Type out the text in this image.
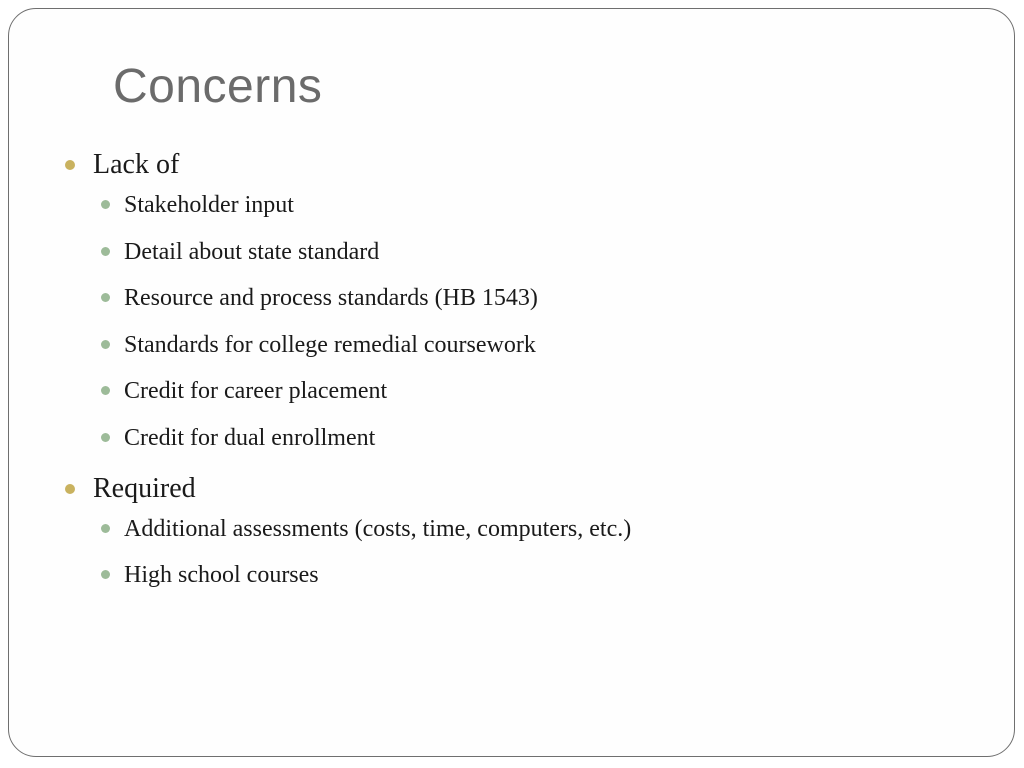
Concerns
Lack of
Stakeholder input
Detail about state standard
Resource and process standards (HB 1543)
Standards for college remedial coursework
Credit for career placement
Credit for dual enrollment
Required
Additional assessments (costs, time, computers, etc.)
High school courses
